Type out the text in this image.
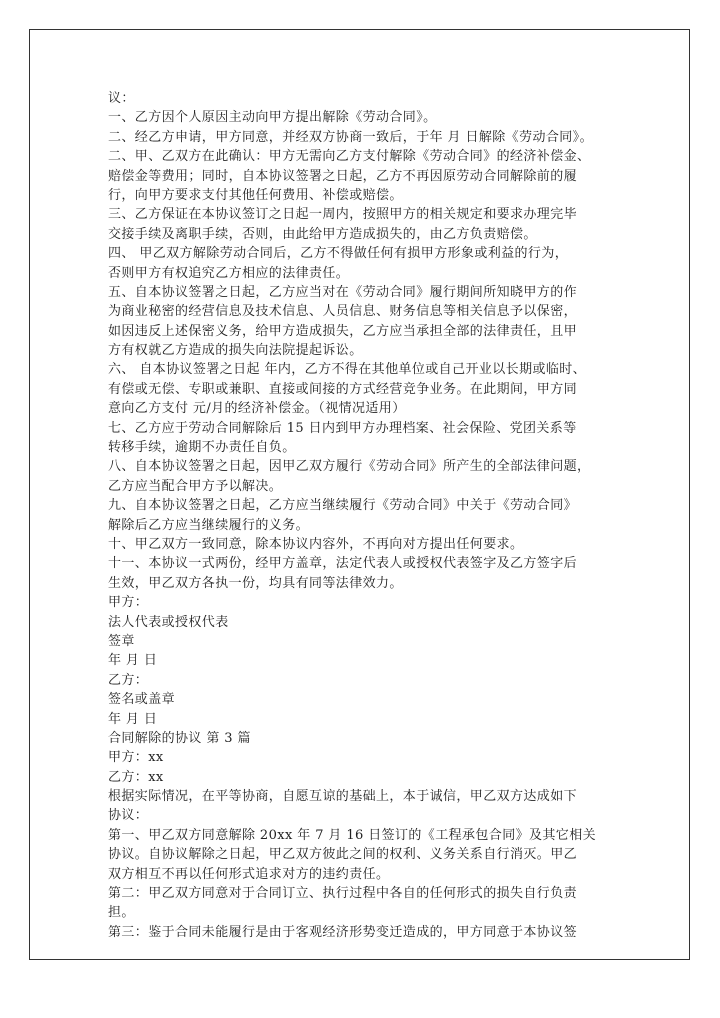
议：
一、乙方因个人原因主动向甲方提出解除《劳动合同》。
二、经乙方申请，甲方同意，并经双方协商一致后，于年 月 日解除《劳动合同》。
二、甲、乙双方在此确认：甲方无需向乙方支付解除《劳动合同》的经济补偿金、
赔偿金等费用；同时，自本协议签署之日起，乙方不再因原劳动合同解除前的履
行，向甲方要求支付其他任何费用、补偿或赔偿。
三、乙方保证在本协议签订之日起一周内，按照甲方的相关规定和要求办理完毕
交接手续及离职手续，否则，由此给甲方造成损失的，由乙方负责赔偿。
四、 甲乙双方解除劳动合同后，乙方不得做任何有损甲方形象或利益的行为，
否则甲方有权追究乙方相应的法律责任。
五、自本协议签署之日起，乙方应当对在《劳动合同》履行期间所知晓甲方的作
为商业秘密的经营信息及技术信息、人员信息、财务信息等相关信息予以保密，
如因违反上述保密义务，给甲方造成损失，乙方应当承担全部的法律责任，且甲
方有权就乙方造成的损失向法院提起诉讼。
六、 自本协议签署之日起 年内，乙方不得在其他单位或自己开业以长期或临时、
有偿或无偿、专职或兼职、直接或间接的方式经营竞争业务。在此期间，甲方同
意向乙方支付 元/月的经济补偿金。（视情况适用）
七、乙方应于劳动合同解除后 15 日内到甲方办理档案、社会保险、党团关系等
转移手续，逾期不办责任自负。
八、自本协议签署之日起，因甲乙双方履行《劳动合同》所产生的全部法律问题，
乙方应当配合甲方予以解决。
九、自本协议签署之日起，乙方应当继续履行《劳动合同》中关于《劳动合同》
解除后乙方应当继续履行的义务。
十、甲乙双方一致同意，除本协议内容外，不再向对方提出任何要求。
十一、本协议一式两份，经甲方盖章，法定代表人或授权代表签字及乙方签字后
生效，甲乙双方各执一份，均具有同等法律效力。
甲方：
法人代表或授权代表
签章
年 月 日
乙方：
签名或盖章
年 月 日
合同解除的协议 第 3 篇
甲方：xx
乙方：xx
根据实际情况，在平等协商，自愿互谅的基础上，本于诚信，甲乙双方达成如下
协议：
第一、甲乙双方同意解除 20xx 年 7 月 16 日签订的《工程承包合同》及其它相关
协议。自协议解除之日起，甲乙双方彼此之间的权利、义务关系自行消灭。甲乙
双方相互不再以任何形式追求对方的违约责任。
第二：甲乙双方同意对于合同订立、执行过程中各自的任何形式的损失自行负责
担。
第三：鉴于合同未能履行是由于客观经济形势变迁造成的，甲方同意于本协议签
